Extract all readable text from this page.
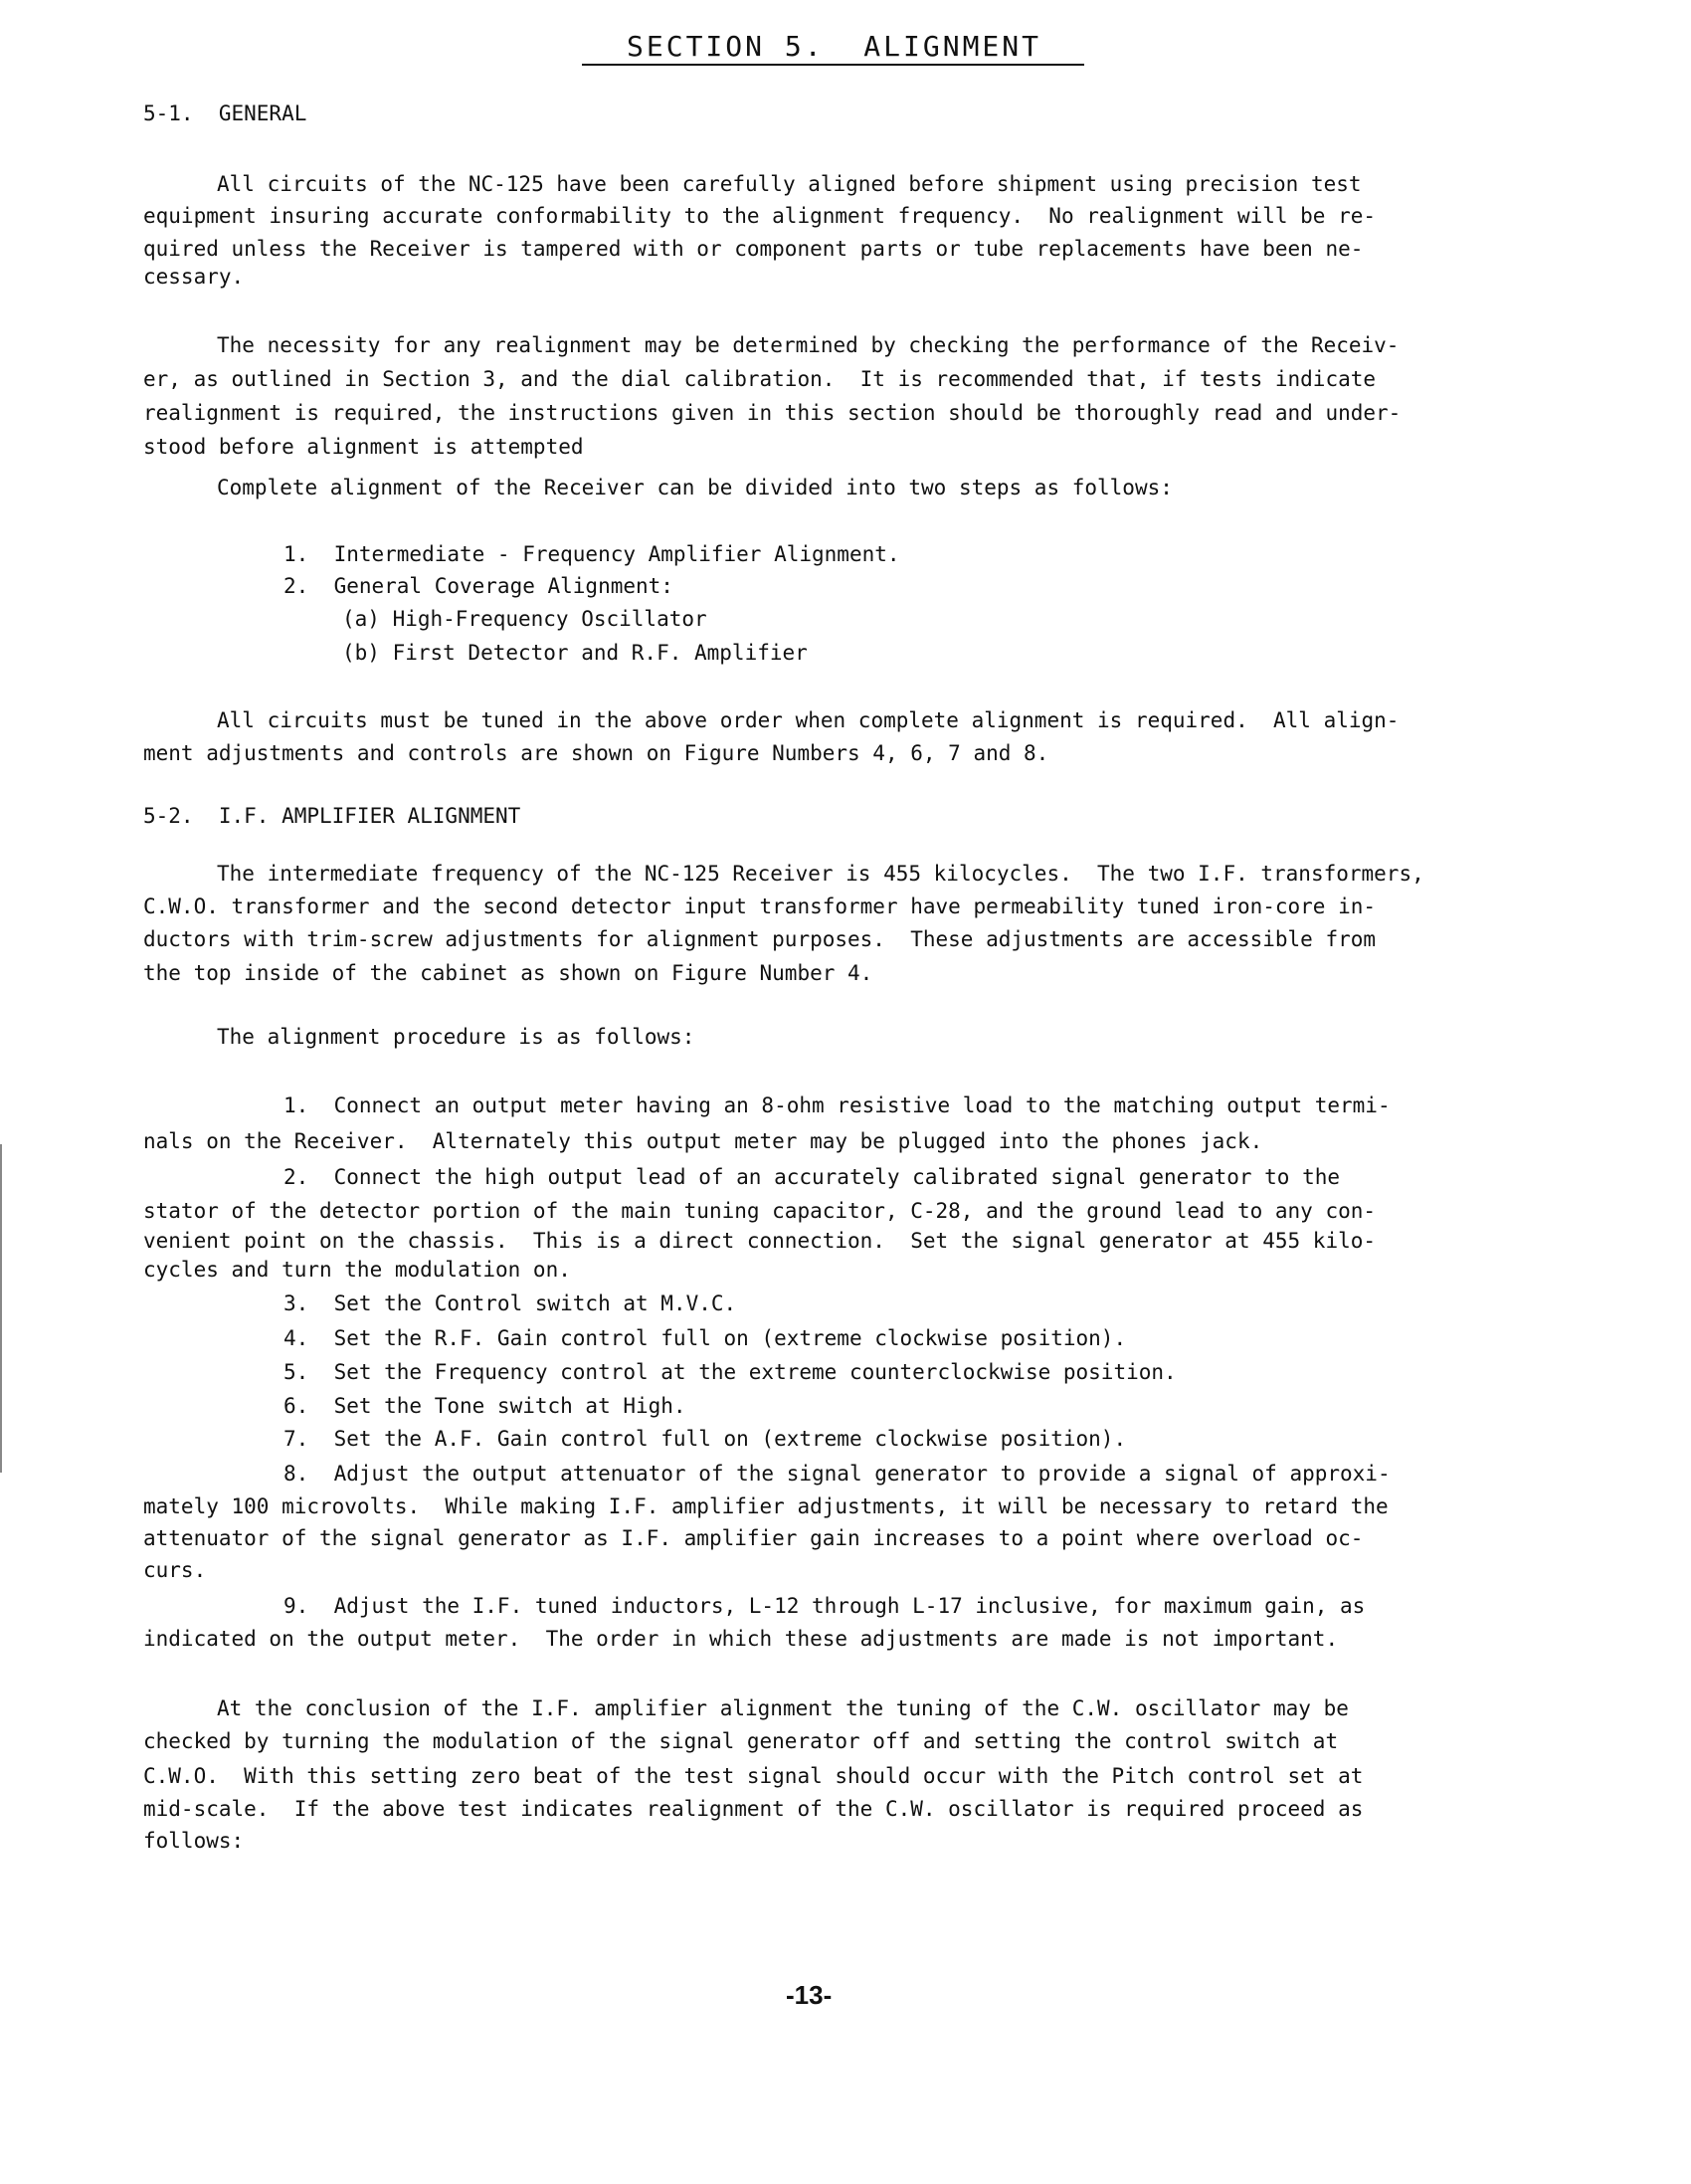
SECTION 5.  ALIGNMENT
5-1.  GENERAL
All circuits of the NC-125 have been carefully aligned before shipment using precision test
equipment insuring accurate conformability to the alignment frequency.  No realignment will be re-
quired unless the Receiver is tampered with or component parts or tube replacements have been ne-
cessary.
The necessity for any realignment may be determined by checking the performance of the Receiv-
er, as outlined in Section 3, and the dial calibration.  It is recommended that, if tests indicate
realignment is required, the instructions given in this section should be thoroughly read and under-
stood before alignment is attempted
Complete alignment of the Receiver can be divided into two steps as follows:
1.  Intermediate - Frequency Amplifier Alignment.
2.  General Coverage Alignment:
(a) High-Frequency Oscillator
(b) First Detector and R.F. Amplifier
All circuits must be tuned in the above order when complete alignment is required.  All align-
ment adjustments and controls are shown on Figure Numbers 4, 6, 7 and 8.
5-2.  I.F. AMPLIFIER ALIGNMENT
The intermediate frequency of the NC-125 Receiver is 455 kilocycles.  The two I.F. transformers,
C.W.O. transformer and the second detector input transformer have permeability tuned iron-core in-
ductors with trim-screw adjustments for alignment purposes.  These adjustments are accessible from
the top inside of the cabinet as shown on Figure Number 4.
The alignment procedure is as follows:
1.  Connect an output meter having an 8-ohm resistive load to the matching output termi-
nals on the Receiver.  Alternately this output meter may be plugged into the phones jack.
2.  Connect the high output lead of an accurately calibrated signal generator to the
stator of the detector portion of the main tuning capacitor, C-28, and the ground lead to any con-
venient point on the chassis.  This is a direct connection.  Set the signal generator at 455 kilo-
cycles and turn the modulation on.
3.  Set the Control switch at M.V.C.
4.  Set the R.F. Gain control full on (extreme clockwise position).
5.  Set the Frequency control at the extreme counterclockwise position.
6.  Set the Tone switch at High.
7.  Set the A.F. Gain control full on (extreme clockwise position).
8.  Adjust the output attenuator of the signal generator to provide a signal of approxi-
mately 100 microvolts.  While making I.F. amplifier adjustments, it will be necessary to retard the
attenuator of the signal generator as I.F. amplifier gain increases to a point where overload oc-
curs.
9.  Adjust the I.F. tuned inductors, L-12 through L-17 inclusive, for maximum gain, as
indicated on the output meter.  The order in which these adjustments are made is not important.
At the conclusion of the I.F. amplifier alignment the tuning of the C.W. oscillator may be
checked by turning the modulation of the signal generator off and setting the control switch at
C.W.O.  With this setting zero beat of the test signal should occur with the Pitch control set at
mid-scale.  If the above test indicates realignment of the C.W. oscillator is required proceed as
follows:
-13-
